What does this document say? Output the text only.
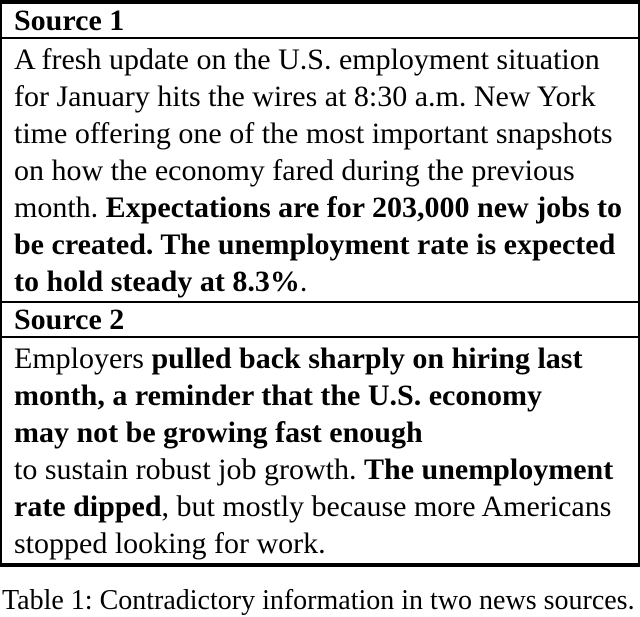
Source 1
A fresh update on the U.S. employment situation
for January hits the wires at 8:30 a.m. New York
time offering one of the most important snapshots
on how the economy fared during the previous
month. Expectations are for 203,000 new jobs to
be created. The unemployment rate is expected
to hold steady at 8.3%.
Source 2
Employers pulled back sharply on hiring last
month, a reminder that the U.S. economy
may not be growing fast enough
to sustain robust job growth. The unemployment
rate dipped, but mostly because more Americans
stopped looking for work.
Table 1: Contradictory information in two news sources.
